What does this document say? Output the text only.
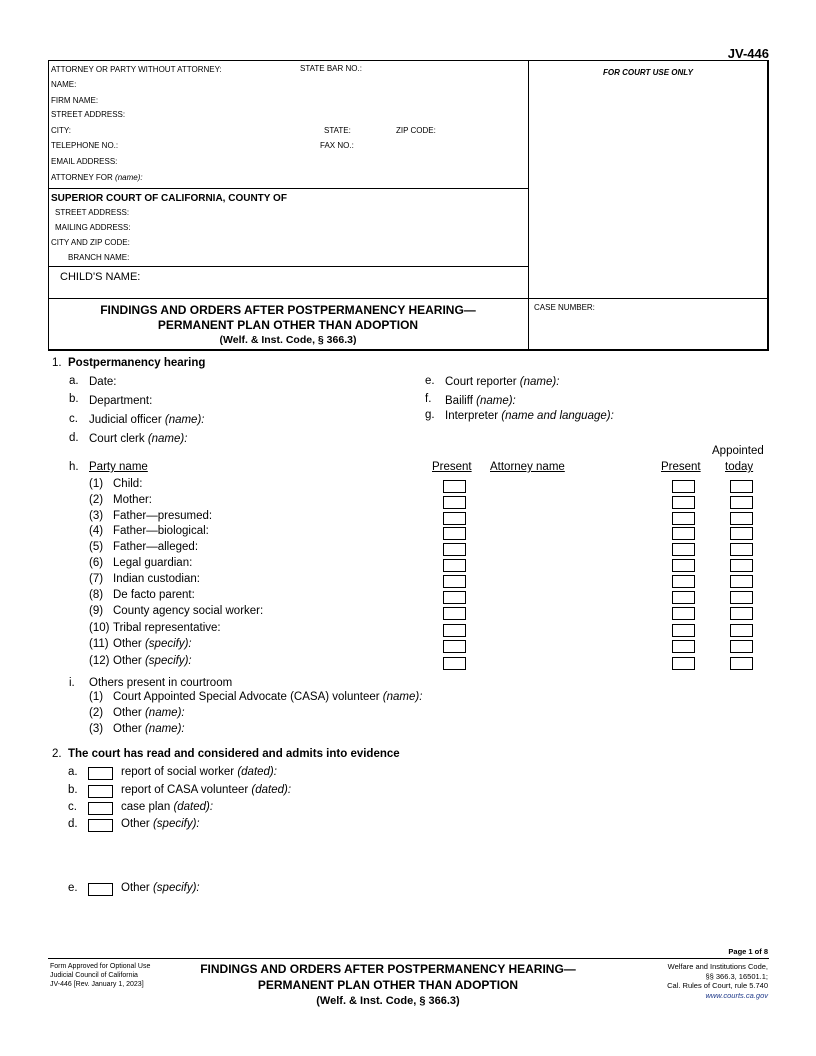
JV-446
ATTORNEY OR PARTY WITHOUT ATTORNEY:	STATE BAR NO.:
NAME:
FIRM NAME:
STREET ADDRESS:
CITY:	STATE:	ZIP CODE:
TELEPHONE NO.:	FAX NO.:
EMAIL ADDRESS:
ATTORNEY FOR (name):
FOR COURT USE ONLY
SUPERIOR COURT OF CALIFORNIA, COUNTY OF
STREET ADDRESS:
MAILING ADDRESS:
CITY AND ZIP CODE:
BRANCH NAME:
CHILD'S NAME:
FINDINGS AND ORDERS AFTER POSTPERMANENCY HEARING—
PERMANENT PLAN OTHER THAN ADOPTION
(Welf. & Inst. Code, § 366.3)
CASE NUMBER:
1. Postpermanency hearing
a. Date:
b. Department:
c. Judicial officer (name):
d. Court clerk (name):
e. Court reporter (name):
f. Bailiff (name):
g. Interpreter (name and language):
h. Party name	Present Attorney name	Present
Appointed
today
(1) Child:
(2) Mother:
(3) Father—presumed:
(4) Father—biological:
(5) Father—alleged:
(6) Legal guardian:
(7) Indian custodian:
(8) De facto parent:
(9) County agency social worker:
(10) Tribal representative:
(11) Other (specify):
(12) Other (specify):
i. Others present in courtroom
(1) Court Appointed Special Advocate (CASA) volunteer (name):
(2) Other (name):
(3) Other (name):
2. The court has read and considered and admits into evidence
a.	report of social worker (dated):
b.	report of CASA volunteer (dated):
c.	case plan (dated):
d.	Other (specify):
e.	Other (specify):
Page 1 of 8
Form Approved for Optional Use
Judicial Council of California
JV-446 [Rev. January 1, 2023]
FINDINGS AND ORDERS AFTER POSTPERMANENCY HEARING—
PERMANENT PLAN OTHER THAN ADOPTION
(Welf. & Inst. Code, § 366.3)
Welfare and Institutions Code,
§§ 366.3, 16501.1;
Cal. Rules of Court, rule 5.740
www.courts.ca.gov
